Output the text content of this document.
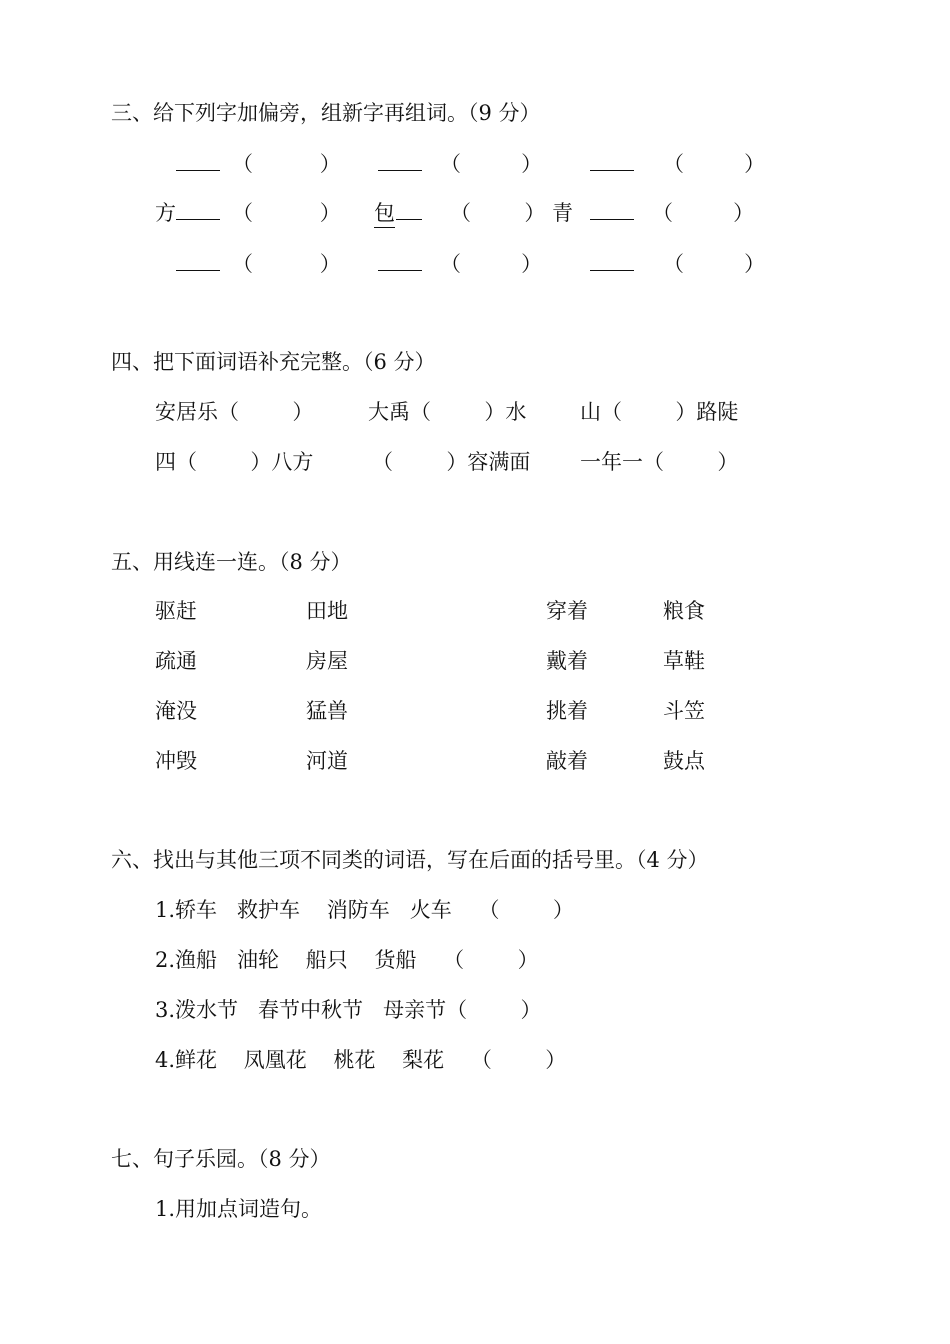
三、给下列字加偏旁，组新字再组词。（9 分）
（          ）	（         ）	（         ）
方	（          ） 包	（        ） 青	（         ）
（          ）	（         ）	（         ）
四、把下面词语补充完整。（6 分）
安居乐（        ）	大禹（        ）水	山（        ）路陡
四（        ）八方	（        ）容满面 一年一（        ）
五、用线连一连。（8 分）
驱赶	田地	穿着	粮食
疏通	房屋	戴着	草鞋
淹没	猛兽	挑着	斗笠
冲毁	河道	敲着	鼓点
六、找出与其他三项不同类的词语，写在后面的括号里。（4 分）
1.轿车   救护车    消防车   火车    （        ）
2.渔船   油轮    船只    货船    （        ）
3.泼水节   春节中秋节   母亲节（        ）
4.鲜花    凤凰花    桃花    梨花    （        ）
七、句子乐园。（8 分）
1.用加点词造句。
